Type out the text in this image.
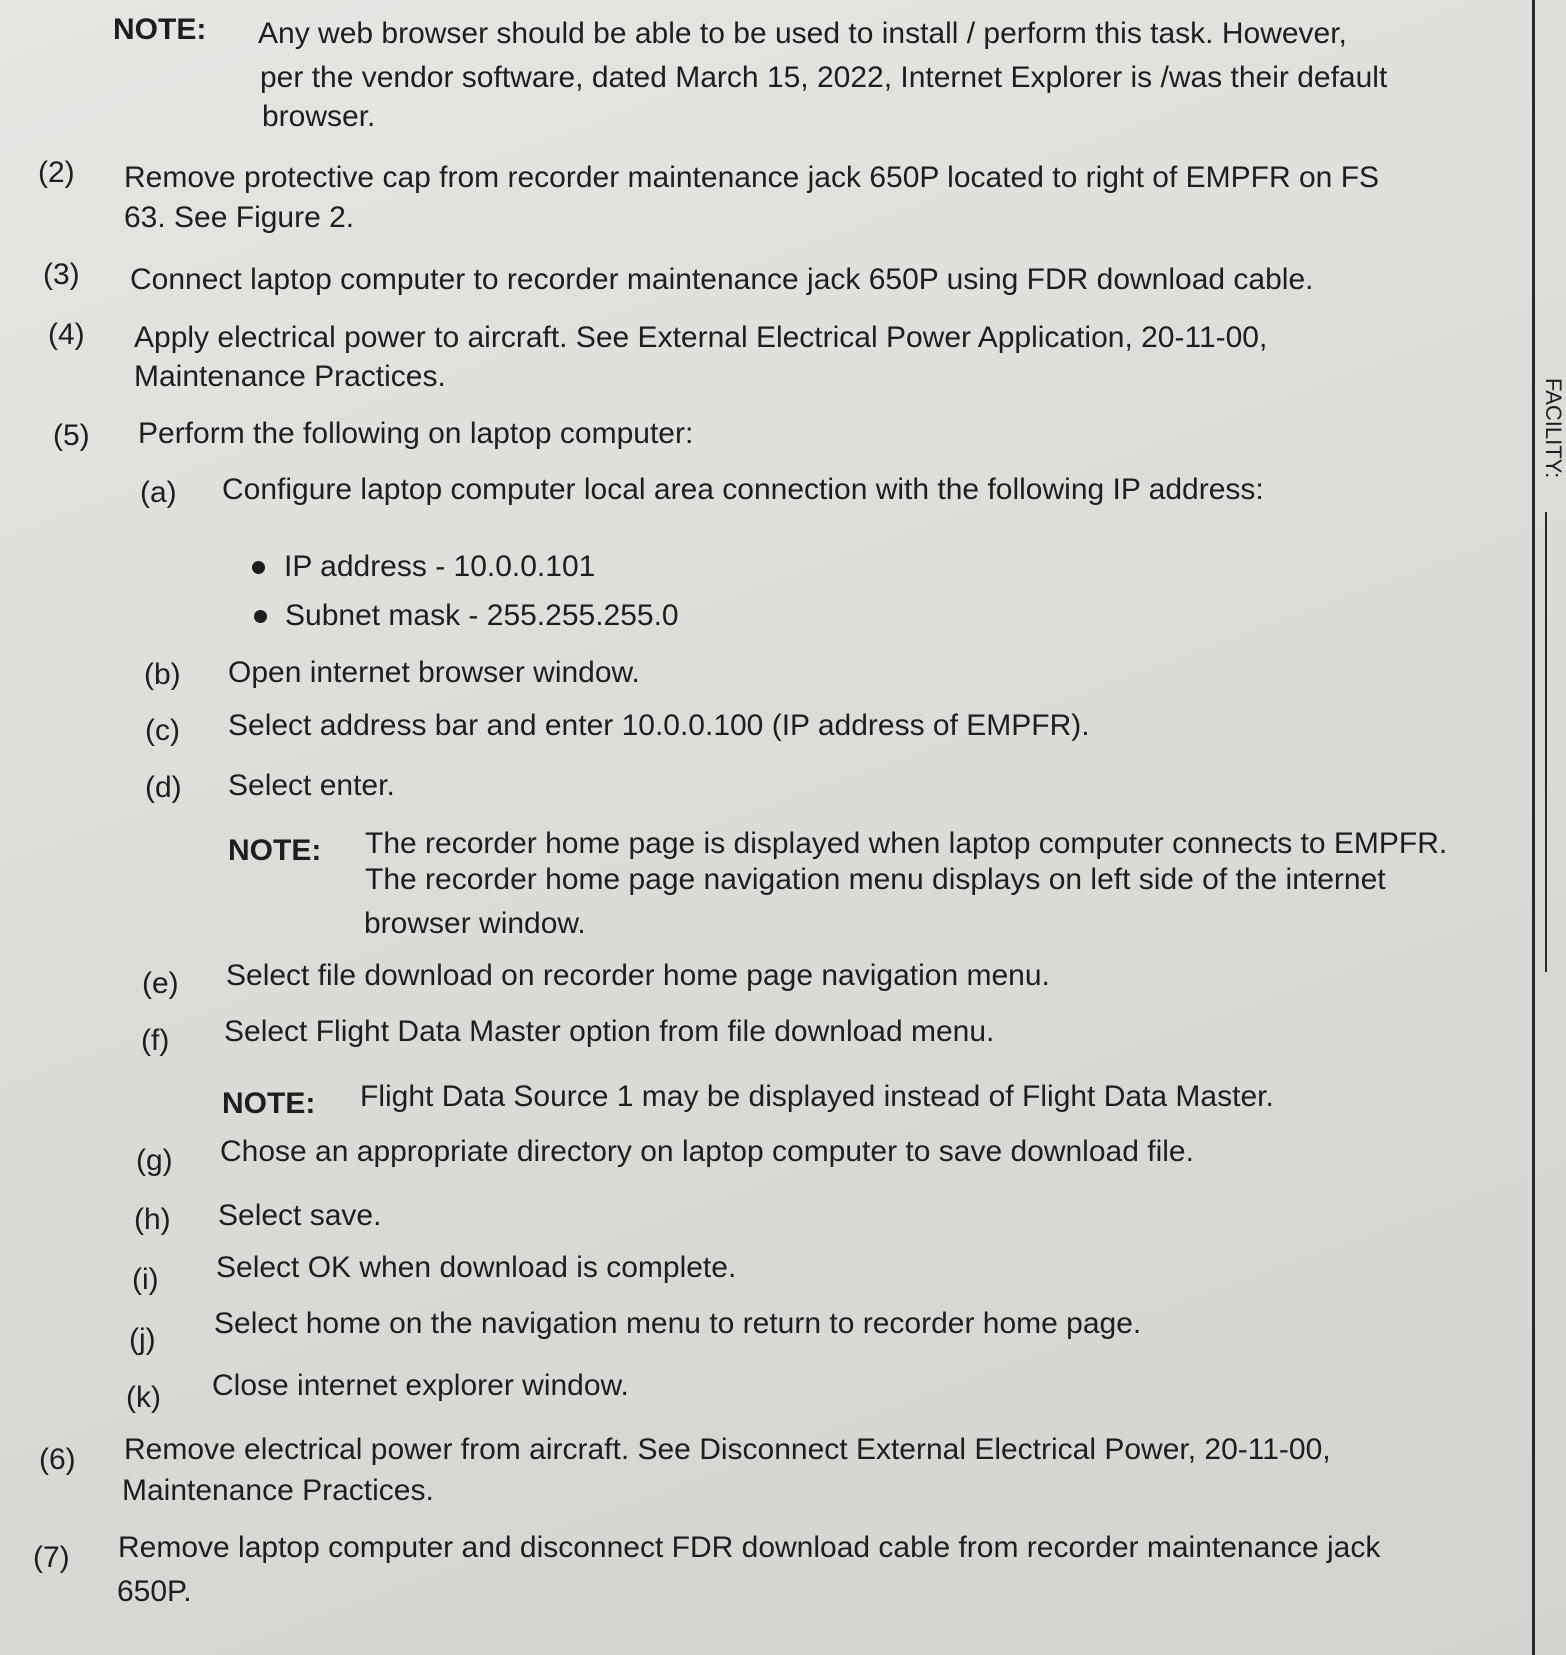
NOTE: Any web browser should be able to be used to install / perform this task. However,
per the vendor software, dated March 15, 2022, Internet Explorer is /was their default
browser.
(2) Remove protective cap from recorder maintenance jack 650P located to right of EMPFR on FS
63. See Figure 2.
(3) Connect laptop computer to recorder maintenance jack 650P using FDR download cable.
(4) Apply electrical power to aircraft. See External Electrical Power Application, 20-11-00,
Maintenance Practices.
(5) Perform the following on laptop computer:
(a) Configure laptop computer local area connection with the following IP address:
IP address - 10.0.0.101
Subnet mask - 255.255.255.0
(b) Open internet browser window.
(c) Select address bar and enter 10.0.0.100 (IP address of EMPFR).
(d) Select enter.
NOTE: The recorder home page is displayed when laptop computer connects to EMPFR.
The recorder home page navigation menu displays on left side of the internet
browser window.
(e) Select file download on recorder home page navigation menu.
(f) Select Flight Data Master option from file download menu.
NOTE: Flight Data Source 1 may be displayed instead of Flight Data Master.
(g) Chose an appropriate directory on laptop computer to save download file.
(h) Select save.
(i) Select OK when download is complete.
(j) Select home on the navigation menu to return to recorder home page.
(k) Close internet explorer window.
(6) Remove electrical power from aircraft. See Disconnect External Electrical Power, 20-11-00,
Maintenance Practices.
(7) Remove laptop computer and disconnect FDR download cable from recorder maintenance jack
650P.
FACILITY:
